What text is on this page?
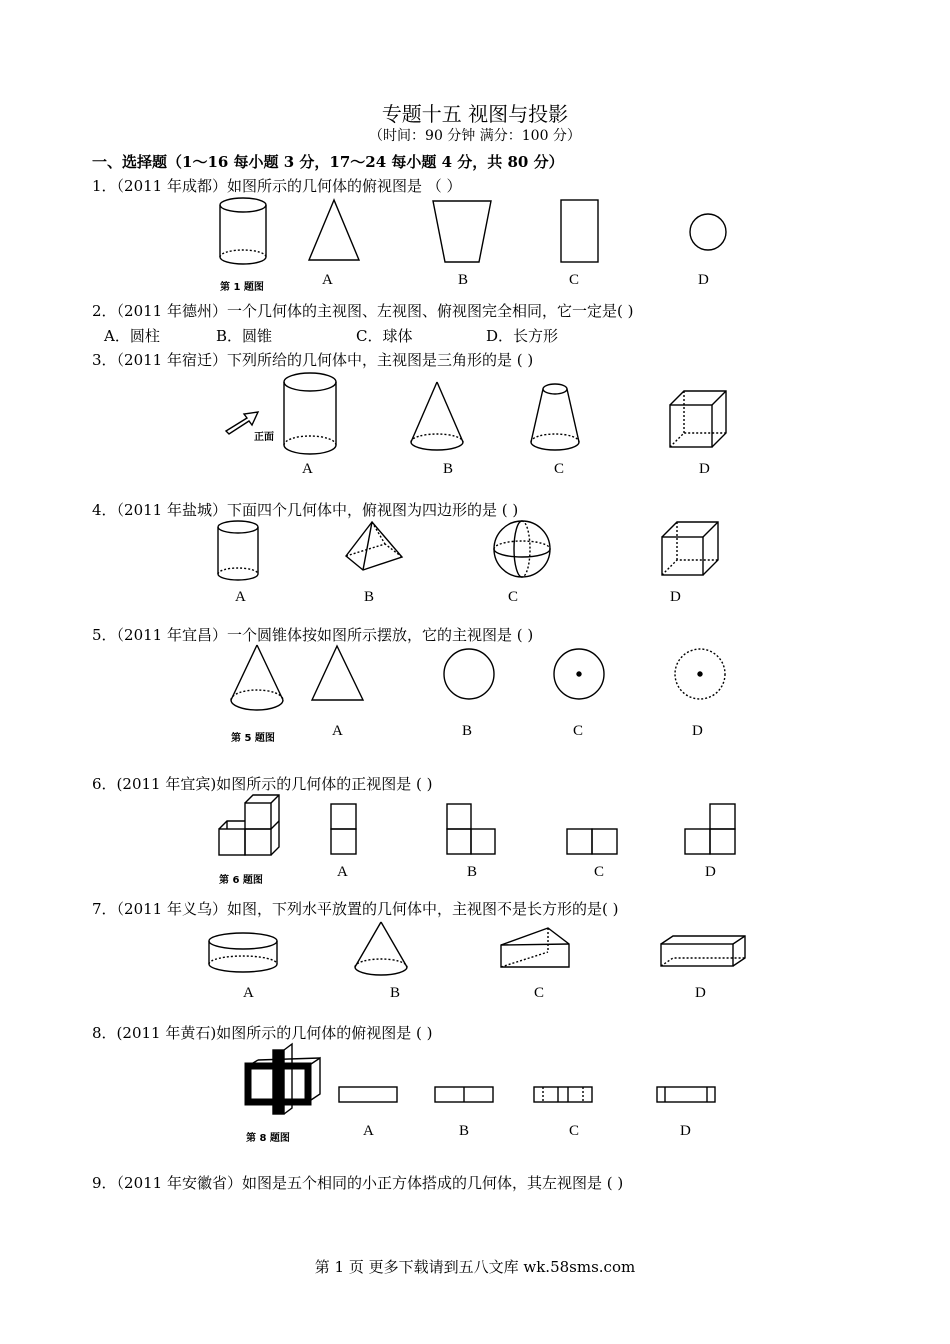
专题十五 视图与投影
（时间：90 分钟 满分：100 分）
一、选择题（1～16 每小题 3 分，17～24 每小题 4 分，共 80 分）
1．（2011 年成都）如图所示的几何体的俯视图是 （ ）
2．（2011 年德州）一个几何体的主视图、左视图、俯视图完全相同，它一定是( )
3．（2011 年宿迁）下列所给的几何体中，主视图是三角形的是 ( )
4．（2011 年盐城）下面四个几何体中，俯视图为四边形的是 ( )
5．（2011 年宜昌）一个圆锥体按如图所示摆放，它的主视图是 ( )
6．(2011 年宜宾)如图所示的几何体的正视图是 ( )
7．（2011 年义乌）如图，下列水平放置的几何体中，主视图不是长方形的是( )
8．(2011 年黄石)如图所示的几何体的俯视图是 ( )
9．（2011 年安徽省）如图是五个相同的小正方体搭成的几何体，其左视图是 ( )
A．圆柱	B．圆锥	C．球体	D．长方形
第 1 题图
正面
第 5 题图
第 6 题图
第 8 题图
A	B	C	D
A	B	C	D
A	B	C	D
A	B	C	D
A	B	C	D
A	B	C	D
A	B	C	D
第 1 页 更多下载请到五八文库 wk.58sms.com
